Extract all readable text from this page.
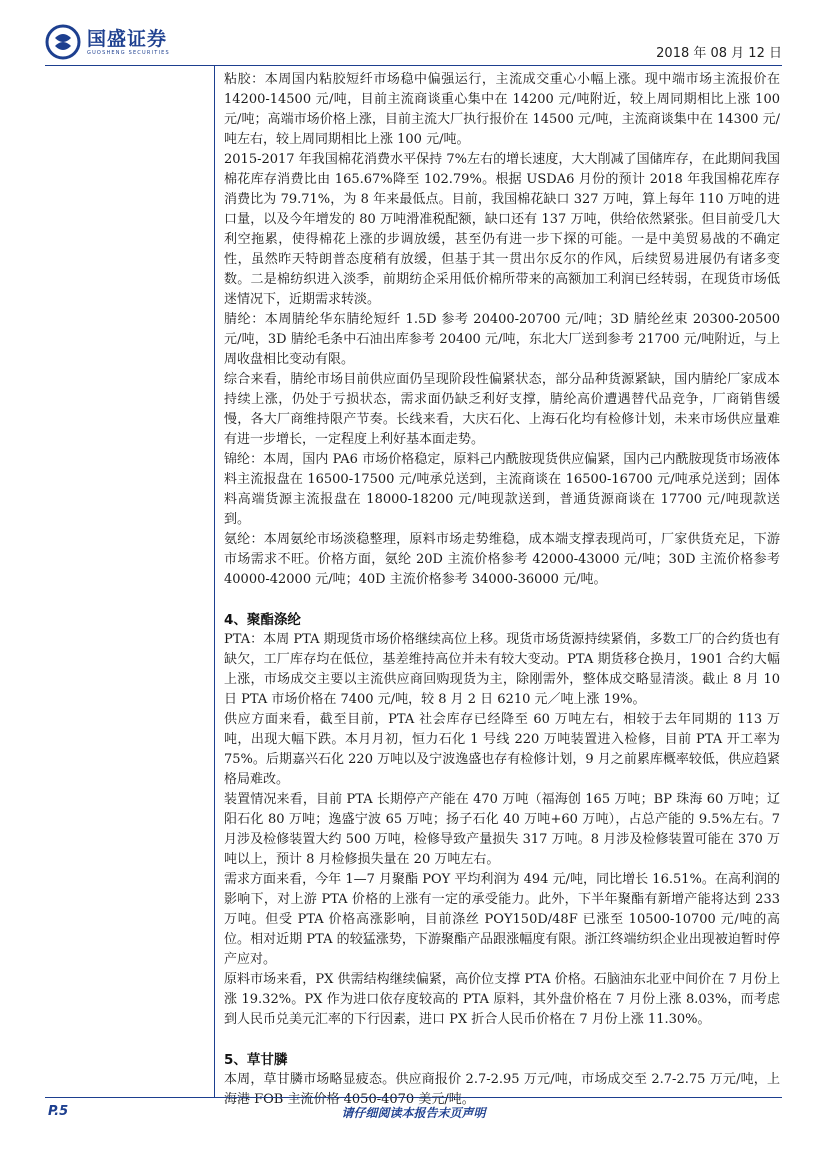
国盛证券
GUOSHENG SECURITIES	2018 年 08 月 12 日
粘胶：本周国内粘胶短纤市场稳中偏强运行，主流成交重心小幅上涨。现中端市场主流报价在 14200-14500 元/吨，目前主流商谈重心集中在 14200 元/吨附近，较上周同期相比上涨 100 元/吨；高端市场价格上涨，目前主流大厂执行报价在 14500 元/吨，主流商谈集中在 14300 元/吨左右，较上周同期相比上涨 100 元/吨。
2015-2017 年我国棉花消费水平保持 7%左右的增长速度，大大削减了国储库存，在此期间我国棉花库存消费比由 165.67%降至 102.79%。根据 USDA6 月份的预计 2018 年我国棉花库存消费比为 79.71%，为 8 年来最低点。目前，我国棉花缺口 327 万吨，算上每年 110 万吨的进口量，以及今年增发的 80 万吨滑准税配额，缺口还有 137 万吨，供给依然紧张。但目前受几大利空拖累，使得棉花上涨的步调放缓，甚至仍有进一步下探的可能。一是中美贸易战的不确定性，虽然昨天特朗普态度稍有放缓，但基于其一贯出尔反尔的作风，后续贸易进展仍有诸多变数。二是棉纺织进入淡季，前期纺企采用低价棉所带来的高额加工利润已经转弱，在现货市场低迷情况下，近期需求转淡。
腈纶：本周腈纶华东腈纶短纤 1.5D 参考 20400-20700 元/吨；3D 腈纶丝束 20300-20500 元/吨，3D 腈纶毛条中石油出库参考 20400 元/吨，东北大厂送到参考 21700 元/吨附近，与上周收盘相比变动有限。
综合来看，腈纶市场目前供应面仍呈现阶段性偏紧状态，部分品种货源紧缺，国内腈纶厂家成本持续上涨，仍处于亏损状态，需求面仍缺乏利好支撑，腈纶高价遭遇替代品竞争，厂商销售缓慢，各大厂商维持限产节奏。长线来看，大庆石化、上海石化均有检修计划，未来市场供应量难有进一步增长，一定程度上利好基本面走势。
锦纶：本周，国内 PA6 市场价格稳定，原料己内酰胺现货供应偏紧，国内己内酰胺现货市场液体料主流报盘在 16500-17500 元/吨承兑送到，主流商谈在 16500-16700 元/吨承兑送到；固体料高端货源主流报盘在 18000-18200 元/吨现款送到，普通货源商谈在 17700 元/吨现款送到。
氨纶：本周氨纶市场淡稳整理，原料市场走势维稳，成本端支撑表现尚可，厂家供货充足，下游市场需求不旺。价格方面，氨纶 20D 主流价格参考 42000-43000 元/吨；30D 主流价格参考 40000-42000 元/吨；40D 主流价格参考 34000-36000 元/吨。
4、聚酯涤纶
PTA：本周 PTA 期现货市场价格继续高位上移。现货市场货源持续紧俏，多数工厂的合约货也有缺欠，工厂库存均在低位，基差维持高位并未有较大变动。PTA 期货移仓换月，1901 合约大幅上涨，市场成交主要以主流供应商回购现货为主，除刚需外，整体成交略显清淡。截止 8 月 10 日 PTA 市场价格在 7400 元/吨，较 8 月 2 日 6210 元／吨上涨 19%。
供应方面来看，截至目前，PTA 社会库存已经降至 60 万吨左右，相较于去年同期的 113 万吨，出现大幅下跌。本月月初，恒力石化 1 号线 220 万吨装置进入检修，目前 PTA 开工率为 75%。后期嘉兴石化 220 万吨以及宁波逸盛也存有检修计划，9 月之前累库概率较低，供应趋紧格局难改。
装置情况来看，目前 PTA 长期停产产能在 470 万吨（福海创 165 万吨；BP 珠海 60 万吨；辽阳石化 80 万吨；逸盛宁波 65 万吨；扬子石化 40 万吨+60 万吨），占总产能的 9.5%左右。7 月涉及检修装置大约 500 万吨，检修导致产量损失 317 万吨。8 月涉及检修装置可能在 370 万吨以上，预计 8 月检修损失量在 20 万吨左右。
需求方面来看，今年 1—7 月聚酯 POY 平均利润为 494 元/吨，同比增长 16.51%。在高利润的影响下，对上游 PTA 价格的上涨有一定的承受能力。此外，下半年聚酯有新增产能将达到 233 万吨。但受 PTA 价格高涨影响，目前涤丝 POY150D/48F 已涨至 10500-10700 元/吨的高位。相对近期 PTA 的较猛涨势，下游聚酯产品跟涨幅度有限。浙江终端纺织企业出现被迫暂时停产应对。
原料市场来看，PX 供需结构继续偏紧，高价位支撑 PTA 价格。石脑油东北亚中间价在 7 月份上涨 19.32%。PX 作为进口依存度较高的 PTA 原料，其外盘价格在 7 月份上涨 8.03%，而考虑到人民币兑美元汇率的下行因素，进口 PX 折合人民币价格在 7 月份上涨 11.30%。
5、草甘膦
本周，草甘膦市场略显疲态。供应商报价 2.7-2.95 万元/吨，市场成交至 2.7-2.75 万元/吨，上海港 FOB 主流价格 4050-4070 美元/吨。
请仔细阅读本报告末页声明
P.5
